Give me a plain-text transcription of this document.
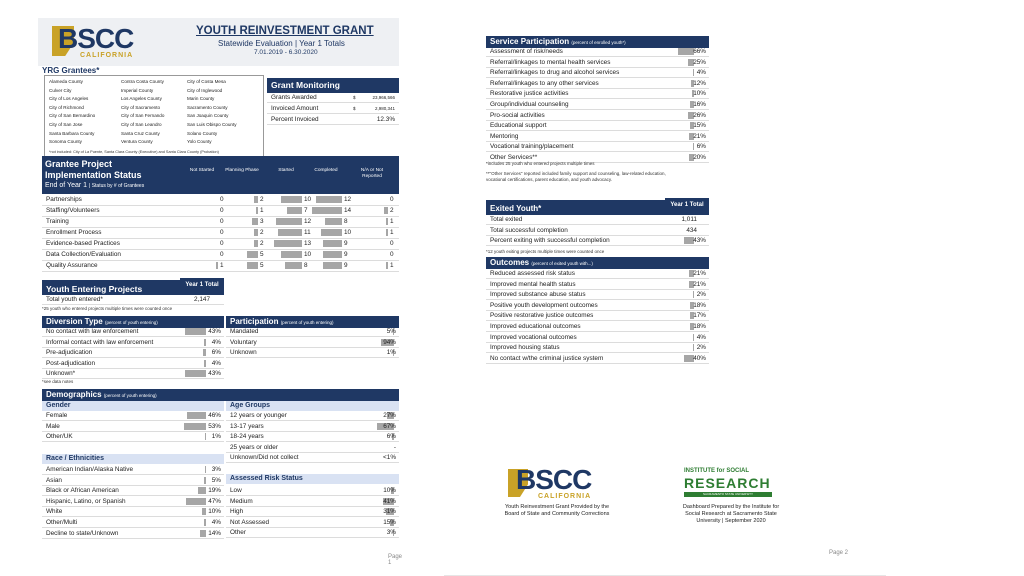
BSCC
CALIFORNIA
YOUTH REINVESTMENT GRANT
Statewide Evaluation | Year 1 Totals
7.01.2019 - 6.30.2020
YRG Grantees*
Alameda County
Culver City
City of Los Angeles
City of Richmond
City of San Bernardino
City of San Jose
Santa Barbara County
Sonoma County
Contra Costa County
Imperial County
Los Angeles County
City of Sacramento
City of San Fernando
City of San Leandro
Santa Cruz County
Ventura County
City of Costa Mesa
City of Inglewood
Marin County
Sacramento County
San Joaquin County
San Luis Obispo County
Solano County
Yolo County
*not included: City of La Puente, Santa Clara County (Executive) and Santa Clara County (Probation)
Grant Monitoring
Grants Awarded	$	23,966,566
Invoiced Amount	$	2,980,341
Percent Invoiced	12.3%
Grantee Project Implementation Status
End of Year 1 | Status by # of Grantees
Not Started	Planning Phase	Started	Completed	N/A or Not Reported
Partnerships	0	2	10	12	0
Staffing/Volunteers	0	1	7	14	2
Training	0	3	12	8	1
Enrollment Process	0	2	11	10	1
Evidence-based Practices	0	2	13	9	0
Data Collection/Evaluation	0	5	10	9	0
Quality Assurance	1	5	8	9	1
Youth Entering Projects	Year 1 Total
Total youth entered*	2,147
*25 youth who entered projects multiple times were counted once
Diversion Type (percent of youth entering)
No contact with law enforcement	43%
Informal contact with law enforcement	4%
Pre-adjudication	6%
Post-adjudication	4%
Unknown*	43%
*see data notes
Participation (percent of youth entering)
Mandated	5%
Voluntary	94%
Unknown	1%
Demographics (percent of youth entering)
Gender
Female	46%
Male	53%
Other/UK	1%
Age Groups
12 years or younger	27%
13-17 years	67%
18-24 years	6%
25 years or older	-
Unknown/Did not collect	<1%
Race / Ethnicities
American Indian/Alaska Native	3%
Asian	5%
Black or African American	19%
Hispanic, Latino, or Spanish	47%
White	10%
Other/Multi	4%
Decline to state/Unknown	14%
Assessed Risk Status
Low	10%
Medium	41%
High	31%
Not Assessed	15%
Other	3%
Page 1
Service Participation (percent of enrolled youth*)
Assessment of risk/needs	66%
Referral/linkages to mental health services	25%
Referral/linkages to drug and alcohol services	4%
Referral/linkages to any other services	12%
Restorative justice activities	10%
Group/individual counseling	16%
Pro-social activities	26%
Educational support	15%
Mentoring	21%
Vocational training/placement	6%
Other Services**	20%
*includes 25 youth who entered projects multiple times
**"Other Services" reported included family support and counseling, law-related education,
vocational certifications, parent education, and youth advocacy.
Exited Youth*	Year 1 Total
Total exited	1,011
Total successful completion	434
Percent exiting with successful completion	43%
*12 youth exiting projects multiple times were counted once
Outcomes (percent of exited youth with...)
Reduced assessed risk status	21%
Improved mental health status	21%
Improved substance abuse status	2%
Positive youth development outcomes	18%
Positive restorative justice outcomes	17%
Improved educational outcomes	18%
Improved vocational outcomes	4%
Improved housing status	2%
No contact w/the criminal justice system	40%
BSCC
CALIFORNIA
Youth Reinvestment Grant Provided by the
Board of State and Community Corrections
INSTITUTE for SOCIAL
RESEARCH
SACRAMENTO STATE UNIVERSITY
Dashboard Prepared by the Institute for
Social Research at Sacramento State
University | September 2020
Page 2
